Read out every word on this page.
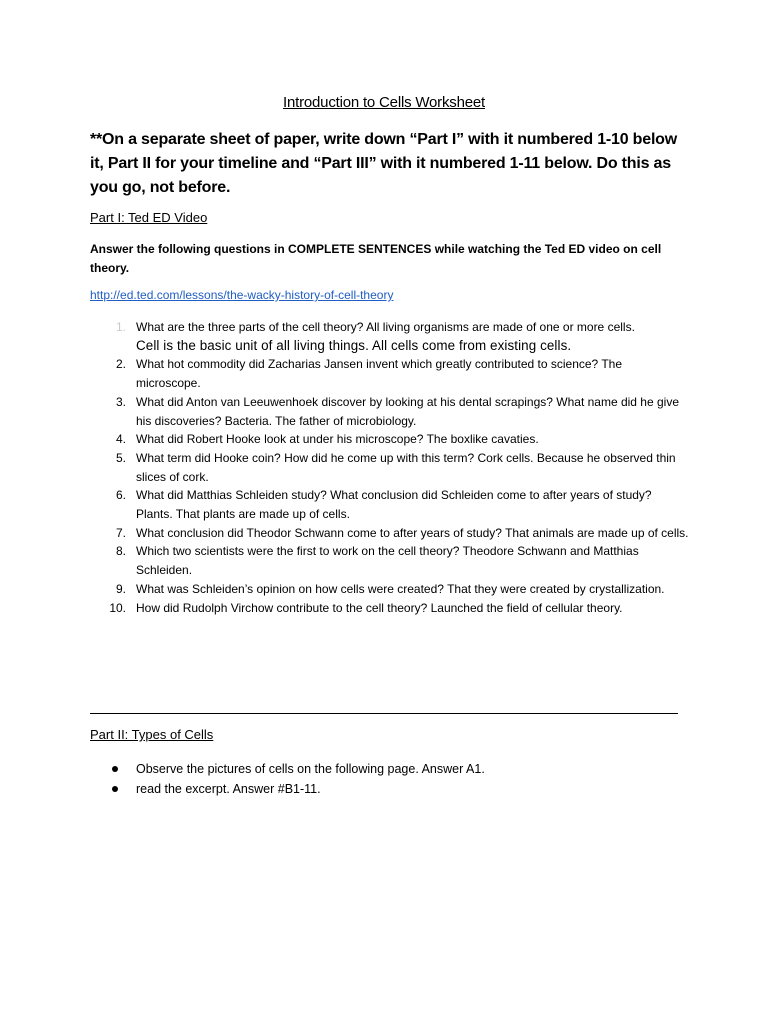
Introduction to Cells Worksheet
**On a separate sheet of paper, write down “Part I” with it numbered 1-10 below it, Part II for your timeline and “Part III” with it numbered 1-11 below. Do this as you go, not before.
Part I: Ted ED Video
Answer the following questions in COMPLETE SENTENCES while watching the Ted ED video on cell theory.
http://ed.ted.com/lessons/the-wacky-history-of-cell-theory
1. What are the three parts of the cell theory? All living organisms are made of one or more cells.
Cell is the basic unit of all living things. All cells come from existing cells.
2. What hot commodity did Zacharias Jansen invent which greatly contributed to science? The microscope.
3. What did Anton van Leeuwenhoek discover by looking at his dental scrapings? What name did he give his discoveries? Bacteria. The father of microbiology.
4. What did Robert Hooke look at under his microscope? The boxlike cavaties.
5. What term did Hooke coin? How did he come up with this term? Cork cells. Because he observed thin slices of cork.
6. What did Matthias Schleiden study? What conclusion did Schleiden come to after years of study? Plants. That plants are made up of cells.
7. What conclusion did Theodor Schwann come to after years of study? That animals are made up of cells.
8. Which two scientists were the first to work on the cell theory? Theodore Schwann and Matthias Schleiden.
9. What was Schleiden’s opinion on how cells were created? That they were created by crystallization.
10. How did Rudolph Virchow contribute to the cell theory? Launched the field of cellular theory.
Part II: Types of Cells
Observe the pictures of cells on the following page. Answer A1.
read the excerpt. Answer #B1-11.
